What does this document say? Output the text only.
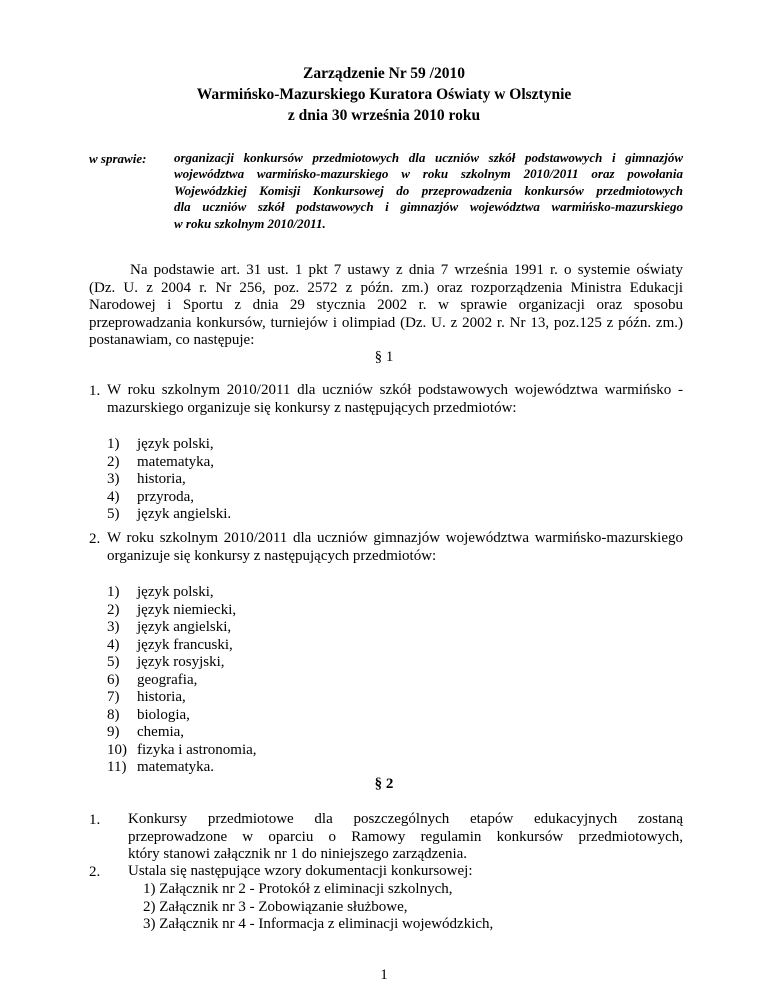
Zarządzenie Nr 59 /2010
Warmińsko-Mazurskiego Kuratora Oświaty w Olsztynie
z dnia 30 września 2010 roku
w sprawie: organizacji konkursów przedmiotowych dla uczniów szkół podstawowych i gimnazjów
województwa warmińsko-mazurskiego w roku szkolnym 2010/2011 oraz powołania
Wojewódzkiej Komisji Konkursowej do przeprowadzenia konkursów przedmiotowych
dla uczniów szkół podstawowych i gimnazjów województwa warmińsko-mazurskiego
w roku szkolnym 2010/2011.
Na podstawie art. 31 ust. 1 pkt 7 ustawy z dnia 7 września 1991 r. o systemie oświaty
(Dz. U. z 2004 r. Nr 256, poz. 2572 z późn. zm.) oraz rozporządzenia Ministra Edukacji
Narodowej i Sportu z dnia 29 stycznia 2002 r. w sprawie organizacji oraz sposobu
przeprowadzania konkursów, turniejów i olimpiad (Dz. U. z 2002 r. Nr 13, poz.125 z późn. zm.)
postanawiam, co następuje:
§ 1
1. W roku szkolnym 2010/2011 dla uczniów szkół podstawowych województwa warmińsko -
mazurskiego organizuje się konkursy z następujących przedmiotów:
1) język polski,
2) matematyka,
3) historia,
4) przyroda,
5) język angielski.
2. W roku szkolnym 2010/2011 dla uczniów gimnazjów województwa warmińsko-mazurskiego
organizuje się konkursy z następujących przedmiotów:
1) język polski,
2) język niemiecki,
3) język angielski,
4) język francuski,
5) język rosyjski,
6) geografia,
7) historia,
8) biologia,
9) chemia,
10) fizyka i astronomia,
11) matematyka.
§ 2
1. Konkursy przedmiotowe dla poszczególnych etapów edukacyjnych zostaną
przeprowadzone w oparciu o Ramowy regulamin konkursów przedmiotowych,
który stanowi załącznik nr 1 do niniejszego zarządzenia.
2. Ustala się następujące wzory dokumentacji konkursowej:
1) Załącznik nr 2 - Protokół z eliminacji szkolnych,
2) Załącznik nr 3 - Zobowiązanie służbowe,
3) Załącznik nr 4 - Informacja z eliminacji wojewódzkich,
1
